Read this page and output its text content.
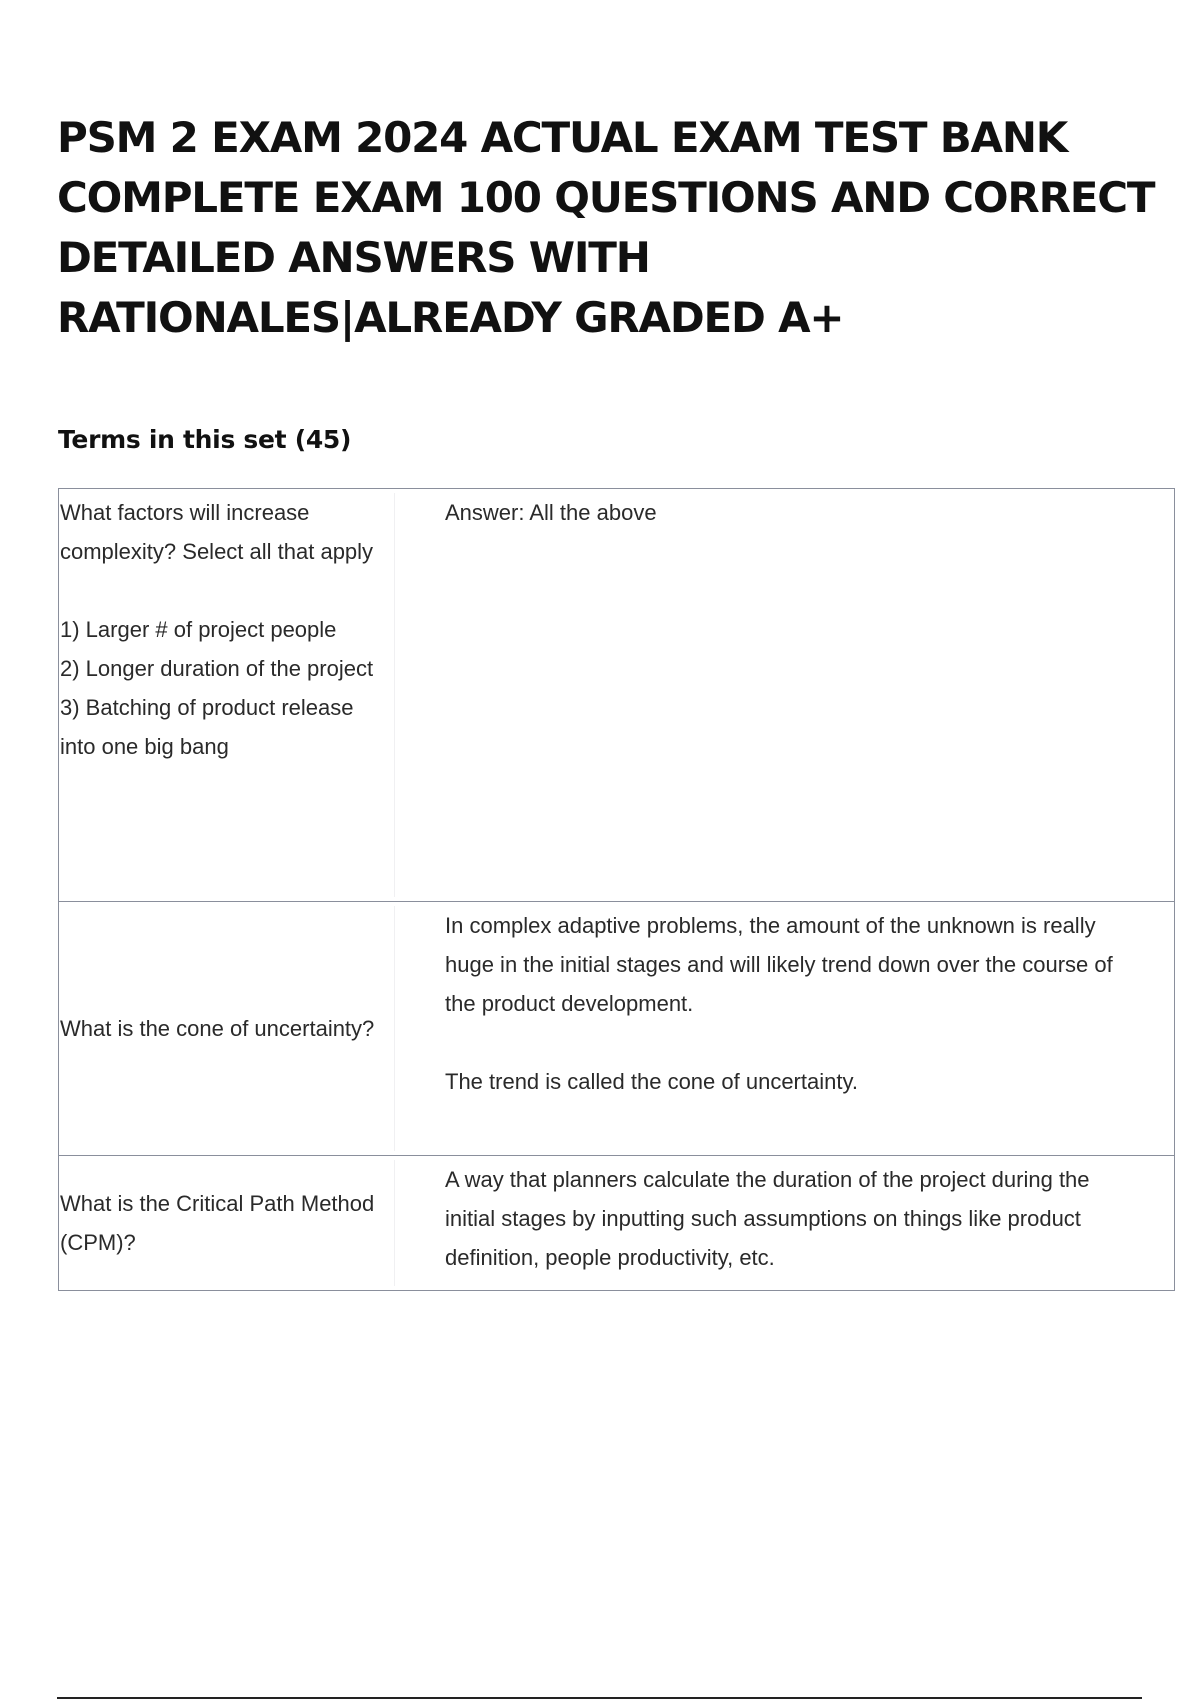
PSM 2 EXAM 2024 ACTUAL EXAM TEST BANK COMPLETE EXAM 100 QUESTIONS AND CORRECT DETAILED ANSWERS WITH RATIONALES|ALREADY GRADED A+
Terms in this set (45)
What factors will increase complexity? Select all that apply

1) Larger # of project people
2) Longer duration of the project
3) Batching of product release into one big bang
Answer: All the above
What is the cone of uncertainty?
In complex adaptive problems, the amount of the unknown is really huge in the initial stages and will likely trend down over the course of the product development.

The trend is called the cone of uncertainty.
What is the Critical Path Method (CPM)?
A way that planners calculate the duration of the project during the initial stages by inputting such assumptions on things like product definition, people productivity, etc.
